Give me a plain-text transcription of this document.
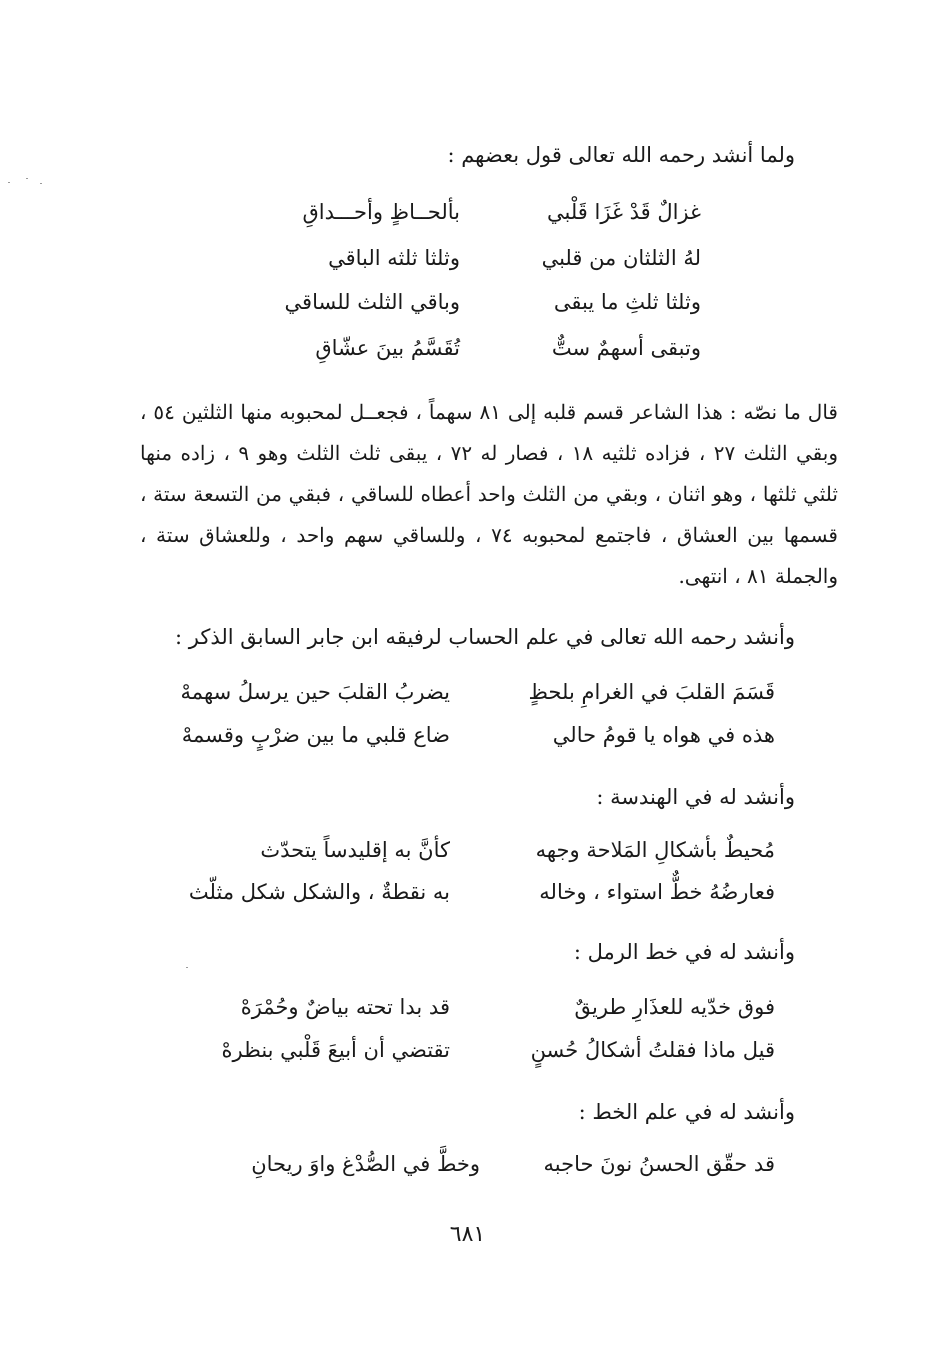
ولما أنشد رحمه الله تعالى قول بعضهم :
غزالٌ قَدْ غَزَا قَلْبي
بألحــاظٍ وأحـــداقِ
لهُ الثلثان من قلبي
وثلثا ثلثه الباقي
وثلثا ثلثِ ما يبقى
وباقي الثلث للساقي
وتبقى أسهمٌ ستٌّ
تُقَسَّمُ بينَ عشّاقِ

قال ما نصّه : هذا الشاعر قسم قلبه إلى ٨١ سهماً ، فجعــل لمحبوبه منها الثلثين ٥٤ ، وبقي الثلث ٢٧ ، فزاده ثلثيه ١٨ ، فصار له ٧٢ ، يبقى ثلث الثلث وهو ٩ ، زاده منها ثلثي ثلثها ، وهو اثنان ، وبقي من الثلث واحد أعطاه للساقي ، فبقي من التسعة ستة ، قسمها بين العشاق ، فاجتمع لمحبوبه ٧٤ ، وللساقي سهم واحد ، وللعشاق ستة ، والجملة ٨١ ، انتهى.

وأنشد رحمه الله تعالى في علم الحساب لرفيقه ابن جابر السابق الذكر :
قَسَمَ القلبَ في الغرامِ بلحظٍ
يضربُ القلبَ حين يرسلُ سهمهْ
هذه في هواه يا قومُ حالي
ضاع قلبي ما بين ضرْبٍ وقسمهْ
وأنشد له في الهندسة :
مُحيطٌ بأشكالِ المَلاحة وجهه
كأنَّ به إقليدساً يتحدّث
فعارضُهُ خطٌّ استواء ، وخاله
به نقطةٌ ، والشكل شكل مثلّث
وأنشد له في خط الرمل :
فوق خدّيه للعذَارِ طريقٌ
قد بدا تحته بياضٌ وحُمْرَهْ
قيل ماذا فقلتُ أشكالُ حُسنٍ
تقتضي أن أبيعَ قَلْبي بنظرهْ
وأنشد له في علم الخط :
قد حقّق الحسنُ نونَ حاجبه
وخطَّ في الصُّدْغ واوَ ريحانِ
٦٨١
